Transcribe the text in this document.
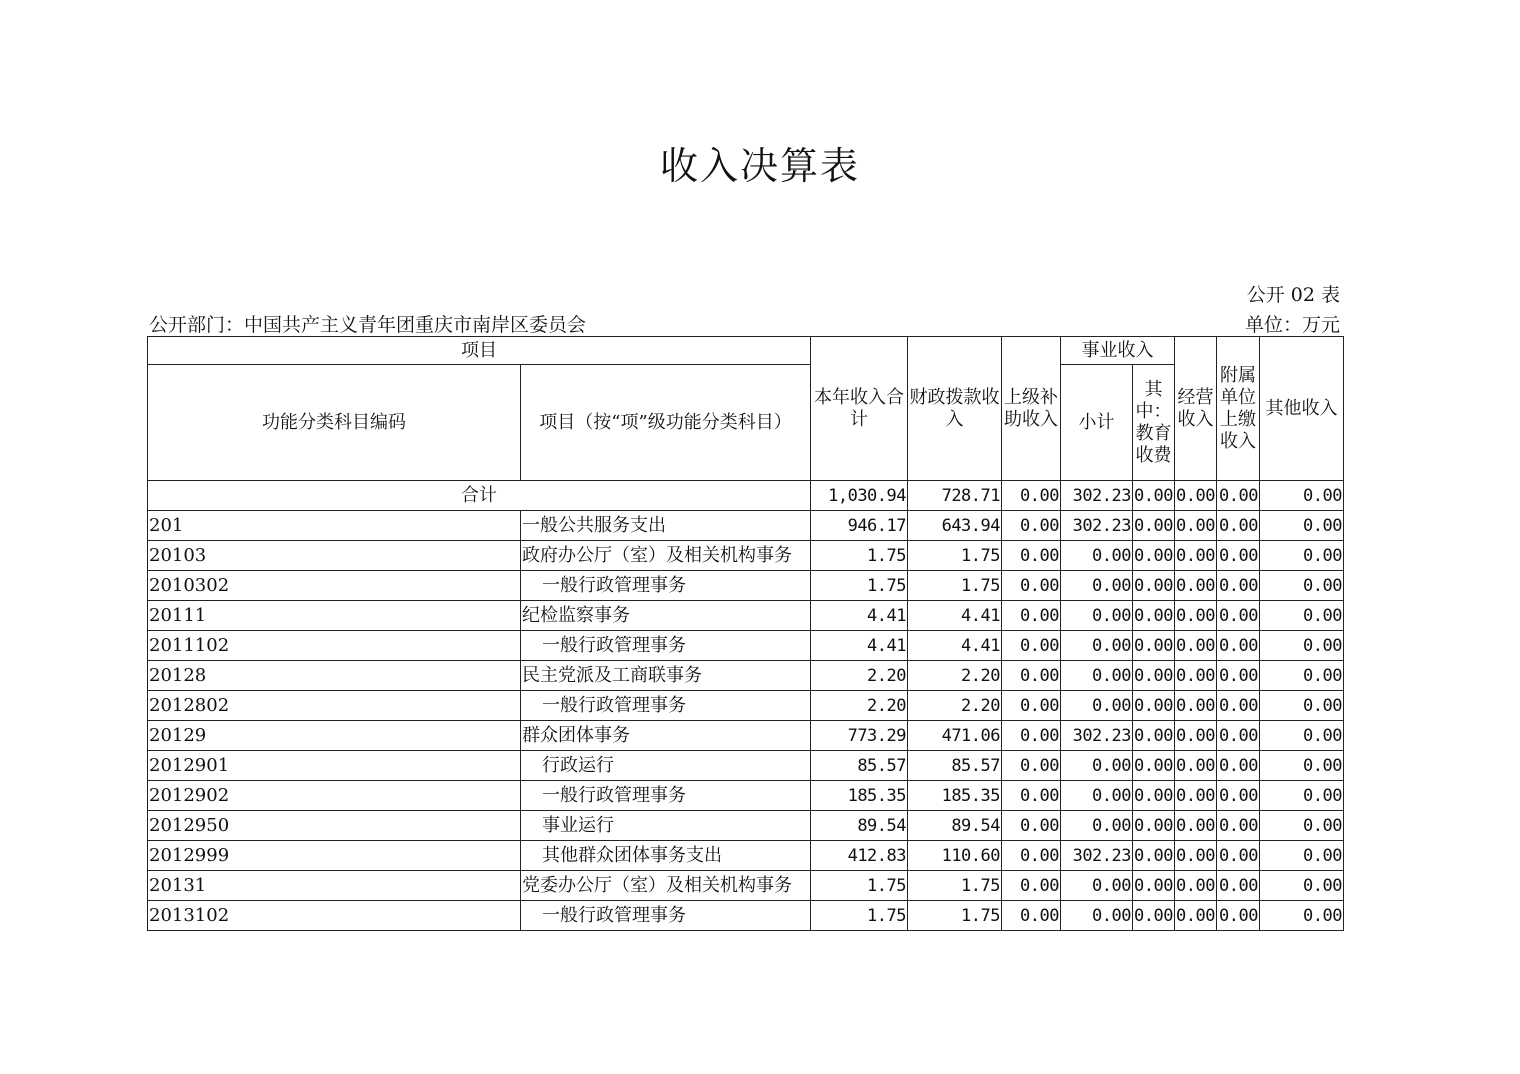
收入决算表
公开 02 表
公开部门：中国共产主义青年团重庆市南岸区委员会	单位：万元
项目		本年收入合计	财政拨款收入	上级补助收入	事业收入		经营收入	附属单位上缴收入	其他收入
功能分类科目编码	项目（按“项”级功能分类科目）				小计	其中：教育收费			
合计		1,030.94	728.71	0.00	302.23	0.00	0.00	0.00	0.00
201	一般公共服务支出	946.17	643.94	0.00	302.23	0.00	0.00	0.00	0.00
20103	政府办公厅（室）及相关机构事务	1.75	1.75	0.00	0.00	0.00	0.00	0.00	0.00
2010302	一般行政管理事务	1.75	1.75	0.00	0.00	0.00	0.00	0.00	0.00
20111	纪检监察事务	4.41	4.41	0.00	0.00	0.00	0.00	0.00	0.00
2011102	一般行政管理事务	4.41	4.41	0.00	0.00	0.00	0.00	0.00	0.00
20128	民主党派及工商联事务	2.20	2.20	0.00	0.00	0.00	0.00	0.00	0.00
2012802	一般行政管理事务	2.20	2.20	0.00	0.00	0.00	0.00	0.00	0.00
20129	群众团体事务	773.29	471.06	0.00	302.23	0.00	0.00	0.00	0.00
2012901	行政运行	85.57	85.57	0.00	0.00	0.00	0.00	0.00	0.00
2012902	一般行政管理事务	185.35	185.35	0.00	0.00	0.00	0.00	0.00	0.00
2012950	事业运行	89.54	89.54	0.00	0.00	0.00	0.00	0.00	0.00
2012999	其他群众团体事务支出	412.83	110.60	0.00	302.23	0.00	0.00	0.00	0.00
20131	党委办公厅（室）及相关机构事务	1.75	1.75	0.00	0.00	0.00	0.00	0.00	0.00
2013102	一般行政管理事务	1.75	1.75	0.00	0.00	0.00	0.00	0.00	0.00
